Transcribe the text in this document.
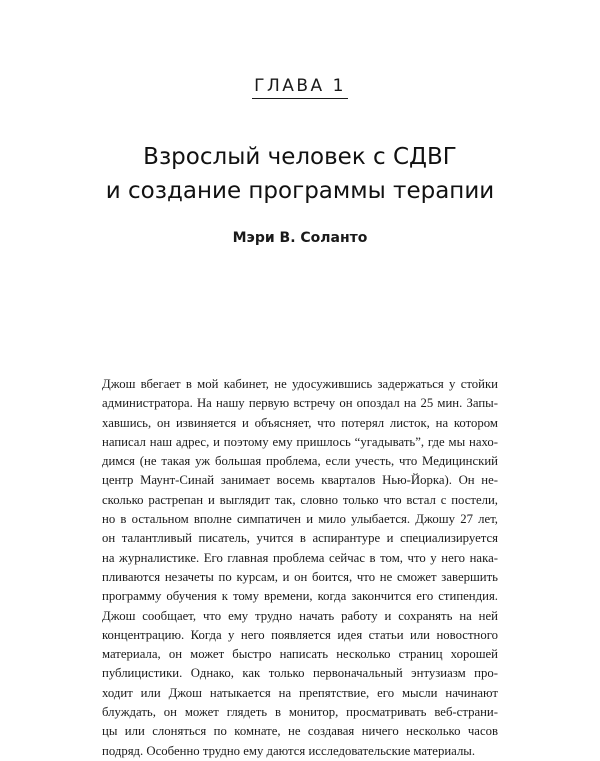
ГЛАВА 1
Взрослый человек с СДВГ
и создание программы терапии
Мэри В. Соланто
Джош вбегает в мой кабинет, не удосужившись задержаться у стойки
администратора. На нашу первую встречу он опоздал на 25 мин. Запы-
хавшись, он извиняется и объясняет, что потерял листок, на котором
написал наш адрес, и поэтому ему пришлось “угадывать”, где мы нахо-
димся (не такая уж большая проблема, если учесть, что Медицинский
центр Маунт-Синай занимает восемь кварталов Нью-Йорка). Он не-
сколько растрепан и выглядит так, словно только что встал с постели,
но в остальном вполне симпатичен и мило улыбается. Джошу 27 лет,
он талантливый писатель, учится в аспирантуре и специализируется
на журналистике. Его главная проблема сейчас в том, что у него нака-
пливаются незачеты по курсам, и он боится, что не сможет завершить
программу обучения к тому времени, когда закончится его стипендия.
Джош сообщает, что ему трудно начать работу и сохранять на ней
концентрацию. Когда у него появляется идея статьи или новостного
материала, он может быстро написать несколько страниц хорошей
публицистики. Однако, как только первоначальный энтузиазм про-
ходит или Джош натыкается на препятствие, его мысли начинают
блуждать, он может глядеть в монитор, просматривать веб-страни-
цы или слоняться по комнате, не создавая ничего несколько часов
подряд. Особенно трудно ему даются исследовательские материалы.
